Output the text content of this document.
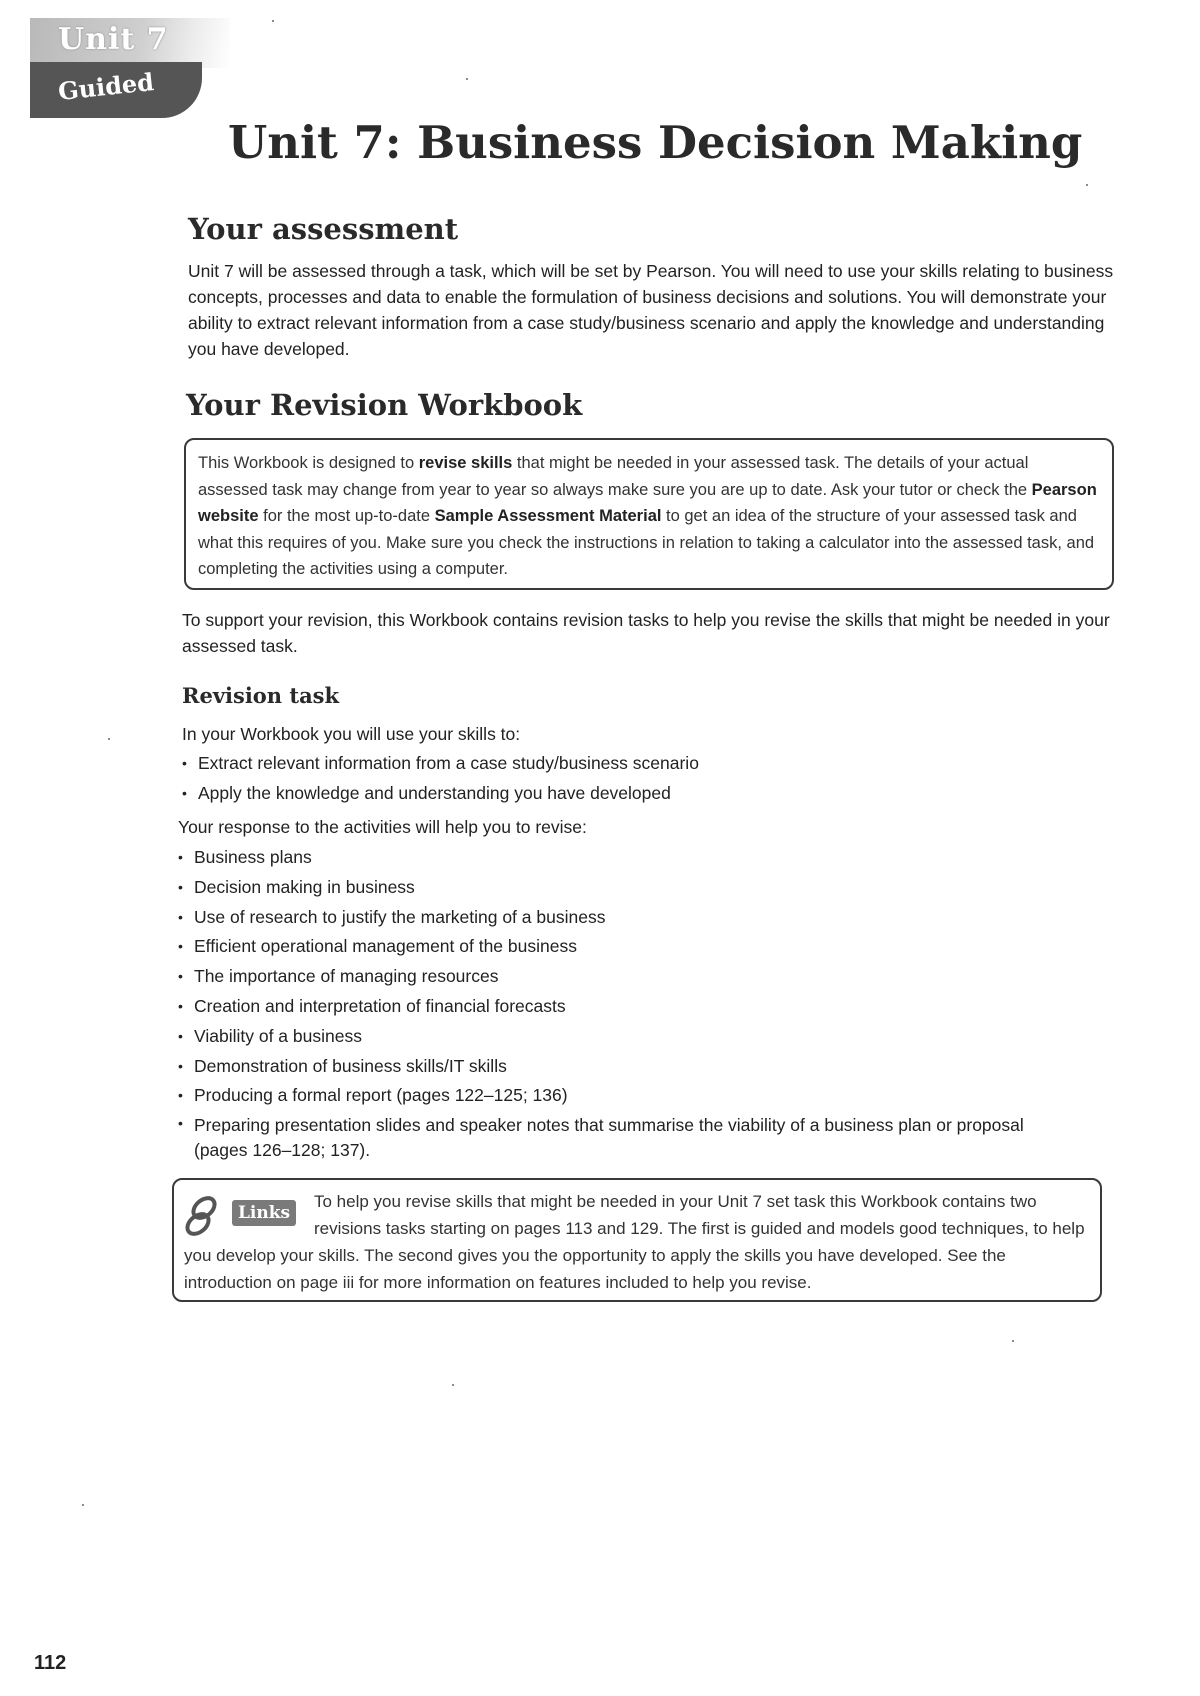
Unit 7
Guided
Unit 7: Business Decision Making
Your assessment

Unit 7 will be assessed through a task, which will be set by Pearson. You will need to use your skills relating to business concepts, processes and data to enable the formulation of business decisions and solutions. You will demonstrate your ability to extract relevant information from a case study/business scenario and apply the knowledge and understanding you have developed.

Your Revision Workbook
This Workbook is designed to revise skills that might be needed in your assessed task. The details of your actual assessed task may change from year to year so always make sure you are up to date. Ask your tutor or check the Pearson website for the most up-to-date Sample Assessment Material to get an idea of the structure of your assessed task and what this requires of you. Make sure you check the instructions in relation to taking a calculator into the assessed task, and completing the activities using a computer.

To support your revision, this Workbook contains revision tasks to help you revise the skills that might be needed in your assessed task.

Revision task

In your Workbook you will use your skills to:

• Extract relevant information from a case study/business scenario
• Apply the knowledge and understanding you have developed

Your response to the activities will help you to revise:

• Business plans
• Decision making in business
• Use of research to justify the marketing of a business
• Efficient operational management of the business
• The importance of managing resources
• Creation and interpretation of financial forecasts
• Viability of a business
• Demonstration of business skills/IT skills
• Producing a formal report (pages 122–125; 136)
• Preparing presentation slides and speaker notes that summarise the viability of a business plan or proposal (pages 126–128; 137).
Links
To help you revise skills that might be needed in your Unit 7 set task this Workbook contains two revisions tasks starting on pages 113 and 129. The first is guided and models good techniques, to help you develop your skills. The second gives you the opportunity to apply the skills you have developed. See the introduction on page iii for more information on features included to help you revise.
112
